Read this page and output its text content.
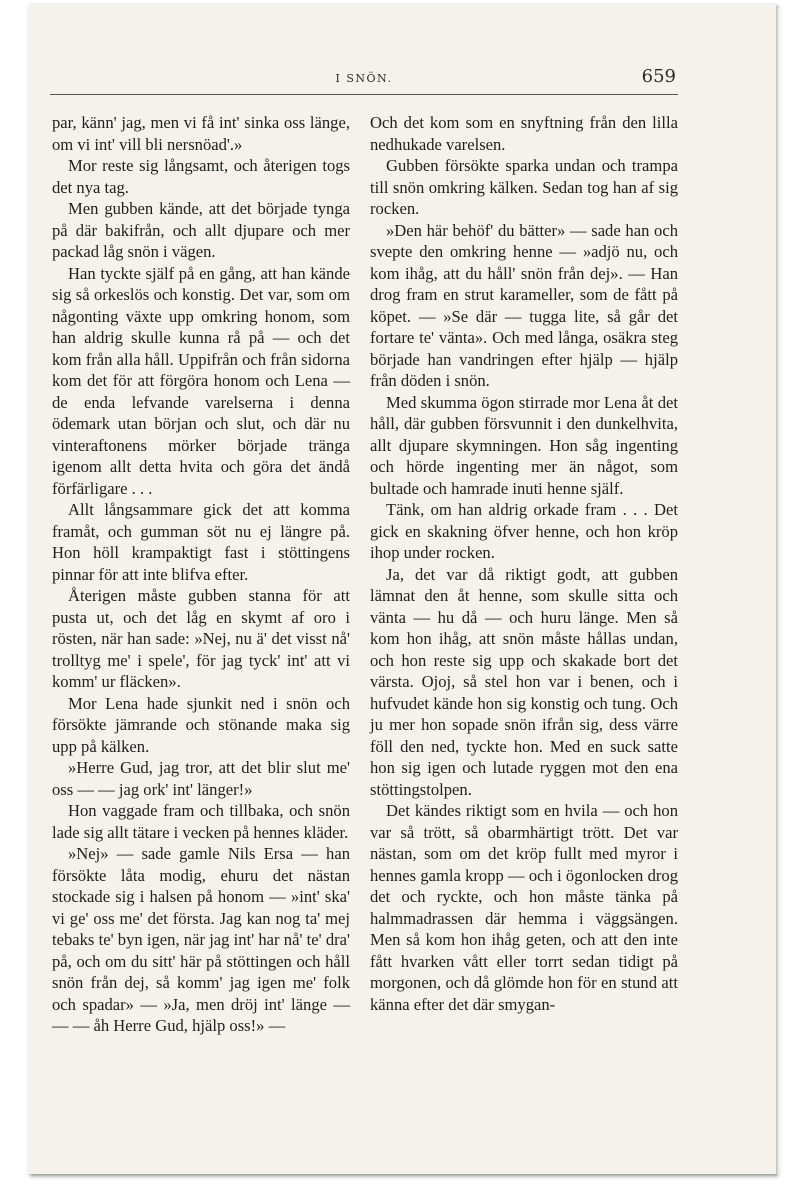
I SNÖN.	659

par, känn' jag, men vi få int' sinka oss länge, om vi int' vill bli nersnöad'.»

Mor reste sig långsamt, och återigen togs det nya tag.

Men gubben kände, att det började tynga på där bakifrån, och allt djupare och mer packad låg snön i vägen.

Han tyckte själf på en gång, att han kände sig så orkeslös och konstig. Det var, som om någonting växte upp omkring honom, som han aldrig skulle kunna rå på — och det kom från alla håll. Uppifrån och från sidorna kom det för att förgöra honom och Lena — de enda lefvande varelserna i denna ödemark utan början och slut, och där nu vinteraftonens mörker började tränga igenom allt detta hvita och göra det ändå förfärligare . . .

Allt långsammare gick det att komma framåt, och gumman söt nu ej längre på. Hon höll krampaktigt fast i stöttingens pinnar för att inte blifva efter.

Återigen måste gubben stanna för att pusta ut, och det låg en skymt af oro i rösten, när han sade: »Nej, nu ä' det visst nå' trolltyg me' i spele', för jag tyck' int' att vi komm' ur fläcken».

Mor Lena hade sjunkit ned i snön och försökte jämrande och stönande maka sig upp på kälken.

»Herre Gud, jag tror, att det blir slut me' oss — — jag ork' int' länger!»

Hon vaggade fram och tillbaka, och snön lade sig allt tätare i vecken på hennes kläder.

»Nej» — sade gamle Nils Ersa — han försökte låta modig, ehuru det nästan stockade sig i halsen på honom — »int' ska' vi ge' oss me' det första. Jag kan nog ta' mej tebaks te' byn igen, när jag int' har nå' te' dra' på, och om du sitt' här på stöttingen och håll snön från dej, så komm' jag igen me' folk och spadar» — »Ja, men dröj int' länge — — — åh Herre Gud, hjälp oss!» —

Och det kom som en snyftning från den lilla nedhukade varelsen.

Gubben försökte sparka undan och trampa till snön omkring kälken. Sedan tog han af sig rocken.

»Den här behöf' du bätter» — sade han och svepte den omkring henne — »adjö nu, och kom ihåg, att du håll' snön från dej». — Han drog fram en strut karameller, som de fått på köpet. — »Se där — tugga lite, så går det fortare te' vänta». Och med långa, osäkra steg började han vandringen efter hjälp — hjälp från döden i snön.

Med skumma ögon stirrade mor Lena åt det håll, där gubben försvunnit i den dunkelhvita, allt djupare skymningen. Hon såg ingenting och hörde ingenting mer än något, som bultade och hamrade inuti henne själf.

Tänk, om han aldrig orkade fram . . . Det gick en skakning öfver henne, och hon kröp ihop under rocken.

Ja, det var då riktigt godt, att gubben lämnat den åt henne, som skulle sitta och vänta — hu då — och huru länge. Men så kom hon ihåg, att snön måste hållas undan, och hon reste sig upp och skakade bort det värsta. Ojoj, så stel hon var i benen, och i hufvudet kände hon sig konstig och tung. Och ju mer hon sopade snön ifrån sig, dess värre föll den ned, tyckte hon. Med en suck satte hon sig igen och lutade ryggen mot den ena stöttingstolpen.

Det kändes riktigt som en hvila — och hon var så trött, så obarmhärtigt trött. Det var nästan, som om det kröp fullt med myror i hennes gamla kropp — och i ögonlocken drog det och ryckte, och hon måste tänka på halmmadrassen där hemma i väggsängen. Men så kom hon ihåg geten, och att den inte fått hvarken vått eller torrt sedan tidigt på morgonen, och då glömde hon för en stund att känna efter det där smygan-
